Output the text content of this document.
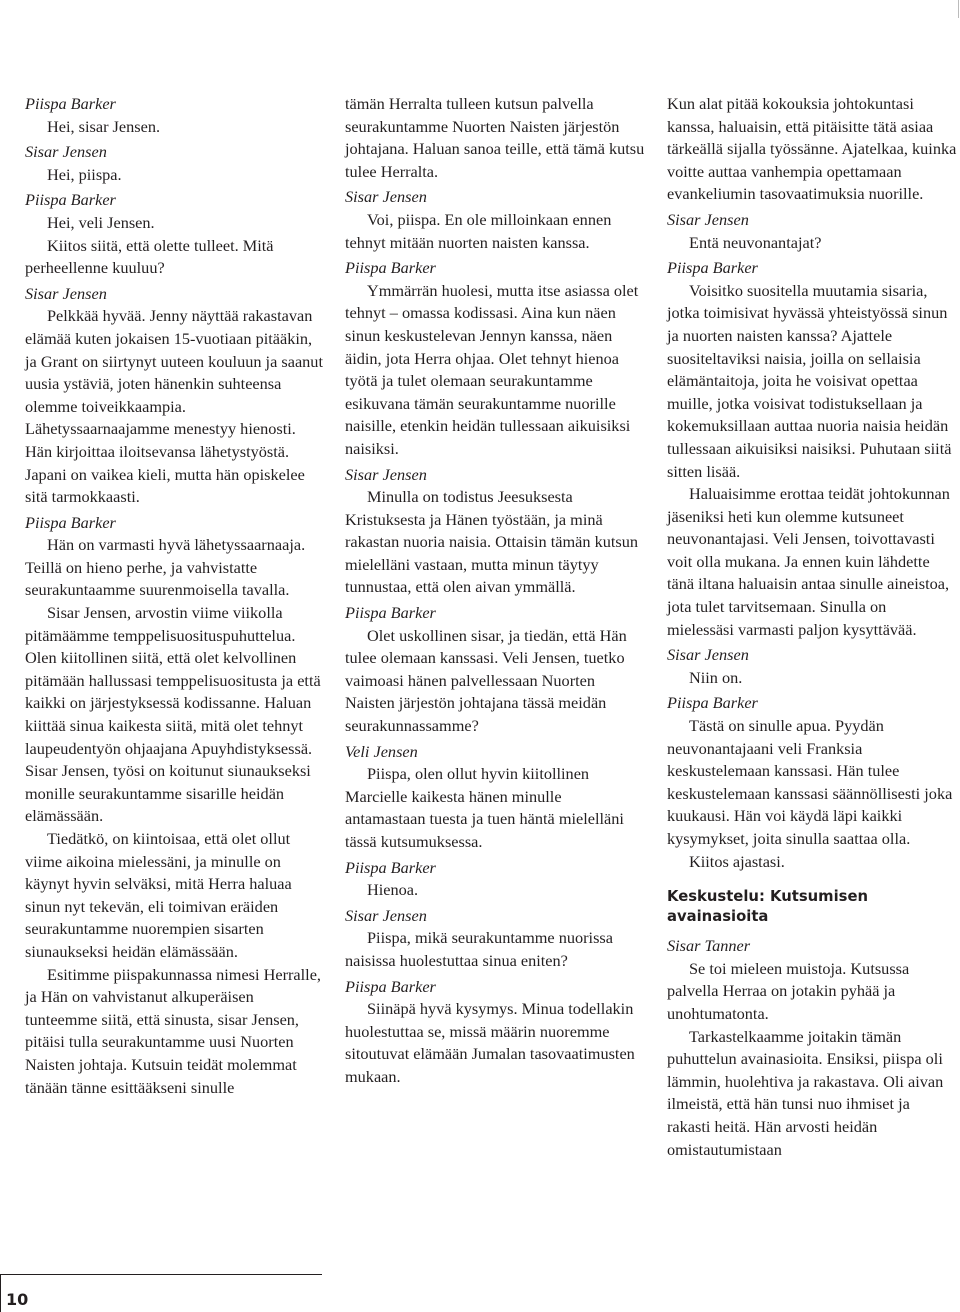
Piispa Barker

Hei, sisar Jensen.

Sisar Jensen

Hei, piispa.

Piispa Barker

Hei, veli Jensen.

Kiitos siitä, että olette tulleet. Mitä perheellenne kuuluu?

Sisar Jensen

Pelkkää hyvää. Jenny näyttää rakastavan elämää kuten jokaisen 15-vuotiaan pitääkin, ja Grant on siirtynyt uuteen kouluun ja saanut uusia ystäviä, joten hänenkin suhteensa olemme toiveikkaampia. Lähetyssaarnaajamme menestyy hienosti. Hän kirjoittaa iloitsevansa lähetystyöstä. Japani on vaikea kieli, mutta hän opiskelee sitä tarmokkaasti.

Piispa Barker

Hän on varmasti hyvä lähetyssaarnaaja. Teillä on hieno perhe, ja vahvistatte seurakuntaamme suurenmoisella tavalla.

Sisar Jensen, arvostin viime viikolla pitämäämme temppelisuosituspuhuttelua. Olen kiitollinen siitä, että olet kelvollinen pitämään hallussasi temppelisuositusta ja että kaikki on järjestyksessä kodissanne. Haluan kiittää sinua kaikesta siitä, mitä olet tehnyt laupeudentyön ohjaajana Apuyhdistyksessä. Sisar Jensen, työsi on koitunut siunaukseksi monille seurakuntamme sisarille heidän elämässään.

Tiedätkö, on kiintoisaa, että olet ollut viime aikoina mielessäni, ja minulle on käynyt hyvin selväksi, mitä Herra haluaa sinun nyt tekevän, eli toimivan eräiden seurakuntamme nuorempien sisarten siunaukseksi heidän elämässään.

Esitimme piispakunnassa nimesi Herralle, ja Hän on vahvistanut alkuperäisen tunteemme siitä, että sinusta, sisar Jensen, pitäisi tulla seurakuntamme uusi Nuorten Naisten johtaja. Kutsuin teidät molemmat tänään tänne esittääkseni sinulle

tämän Herralta tulleen kutsun palvella seurakuntamme Nuorten Naisten järjestön johtajana. Haluan sanoa teille, että tämä kutsu tulee Herralta.

Sisar Jensen

Voi, piispa. En ole milloinkaan ennen tehnyt mitään nuorten naisten kanssa.

Piispa Barker

Ymmärrän huolesi, mutta itse asiassa olet tehnyt – omassa kodissasi. Aina kun näen sinun keskustelevan Jennyn kanssa, näen äidin, jota Herra ohjaa. Olet tehnyt hienoa työtä ja tulet olemaan seurakuntamme esikuvana tämän seurakuntamme nuorille naisille, etenkin heidän tullessaan aikuisiksi naisiksi.

Sisar Jensen

Minulla on todistus Jeesuksesta Kristuksesta ja Hänen työstään, ja minä rakastan nuoria naisia. Ottaisin tämän kutsun mielelläni vastaan, mutta minun täytyy tunnustaa, että olen aivan ymmällä.

Piispa Barker

Olet uskollinen sisar, ja tiedän, että Hän tulee olemaan kanssasi. Veli Jensen, tuetko vaimoasi hänen palvellessaan Nuorten Naisten järjestön johtajana tässä meidän seurakunnassamme?

Veli Jensen

Piispa, olen ollut hyvin kiitollinen Marcielle kaikesta hänen minulle antamastaan tuesta ja tuen häntä mielelläni tässä kutsumuksessa.

Piispa Barker

Hienoa.

Sisar Jensen

Piispa, mikä seurakuntamme nuorissa naisissa huolestuttaa sinua eniten?

Piispa Barker

Siinäpä hyvä kysymys. Minua todellakin huolestuttaa se, missä määrin nuoremme sitoutuvat elämään Jumalan tasovaatimusten mukaan.

Kun alat pitää kokouksia johtokuntasi kanssa, haluaisin, että pitäisitte tätä asiaa tärkeällä sijalla työssänne. Ajatelkaa, kuinka voitte auttaa vanhempia opettamaan evankeliumin tasovaatimuksia nuorille.

Sisar Jensen

Entä neuvonantajat?

Piispa Barker

Voisitko suositella muutamia sisaria, jotka toimisivat hyvässä yhteistyössä sinun ja nuorten naisten kanssa? Ajattele suositeltaviksi naisia, joilla on sellaisia elämäntaitoja, joita he voisivat opettaa muille, jotka voisivat todistuksellaan ja kokemuksillaan auttaa nuoria naisia heidän tullessaan aikuisiksi naisiksi. Puhutaan siitä sitten lisää.

Haluaisimme erottaa teidät johtokunnan jäseniksi heti kun olemme kutsuneet neuvonantajasi. Veli Jensen, toivottavasti voit olla mukana. Ja ennen kuin lähdette tänä iltana haluaisin antaa sinulle aineistoa, jota tulet tarvitsemaan. Sinulla on mielessäsi varmasti paljon kysyttävää.

Sisar Jensen

Niin on.

Piispa Barker

Tästä on sinulle apua. Pyydän neuvonantajaani veli Franksia keskustelemaan kanssasi. Hän tulee keskustelemaan kanssasi säännöllisesti joka kuukausi. Hän voi käydä läpi kaikki kysymykset, joita sinulla saattaa olla.

Kiitos ajastasi.

Keskustelu: Kutsumisen avainasioita
Sisar Tanner

Se toi mieleen muistoja. Kutsussa palvella Herraa on jotakin pyhää ja unohtumatonta.

Tarkastelkaamme joitakin tämän puhuttelun avainasioita. Ensiksi, piispa oli lämmin, huolehtiva ja rakastava. Oli aivan ilmeistä, että hän tunsi nuo ihmiset ja rakasti heitä. Hän arvosti heidän omistautumistaan

10
